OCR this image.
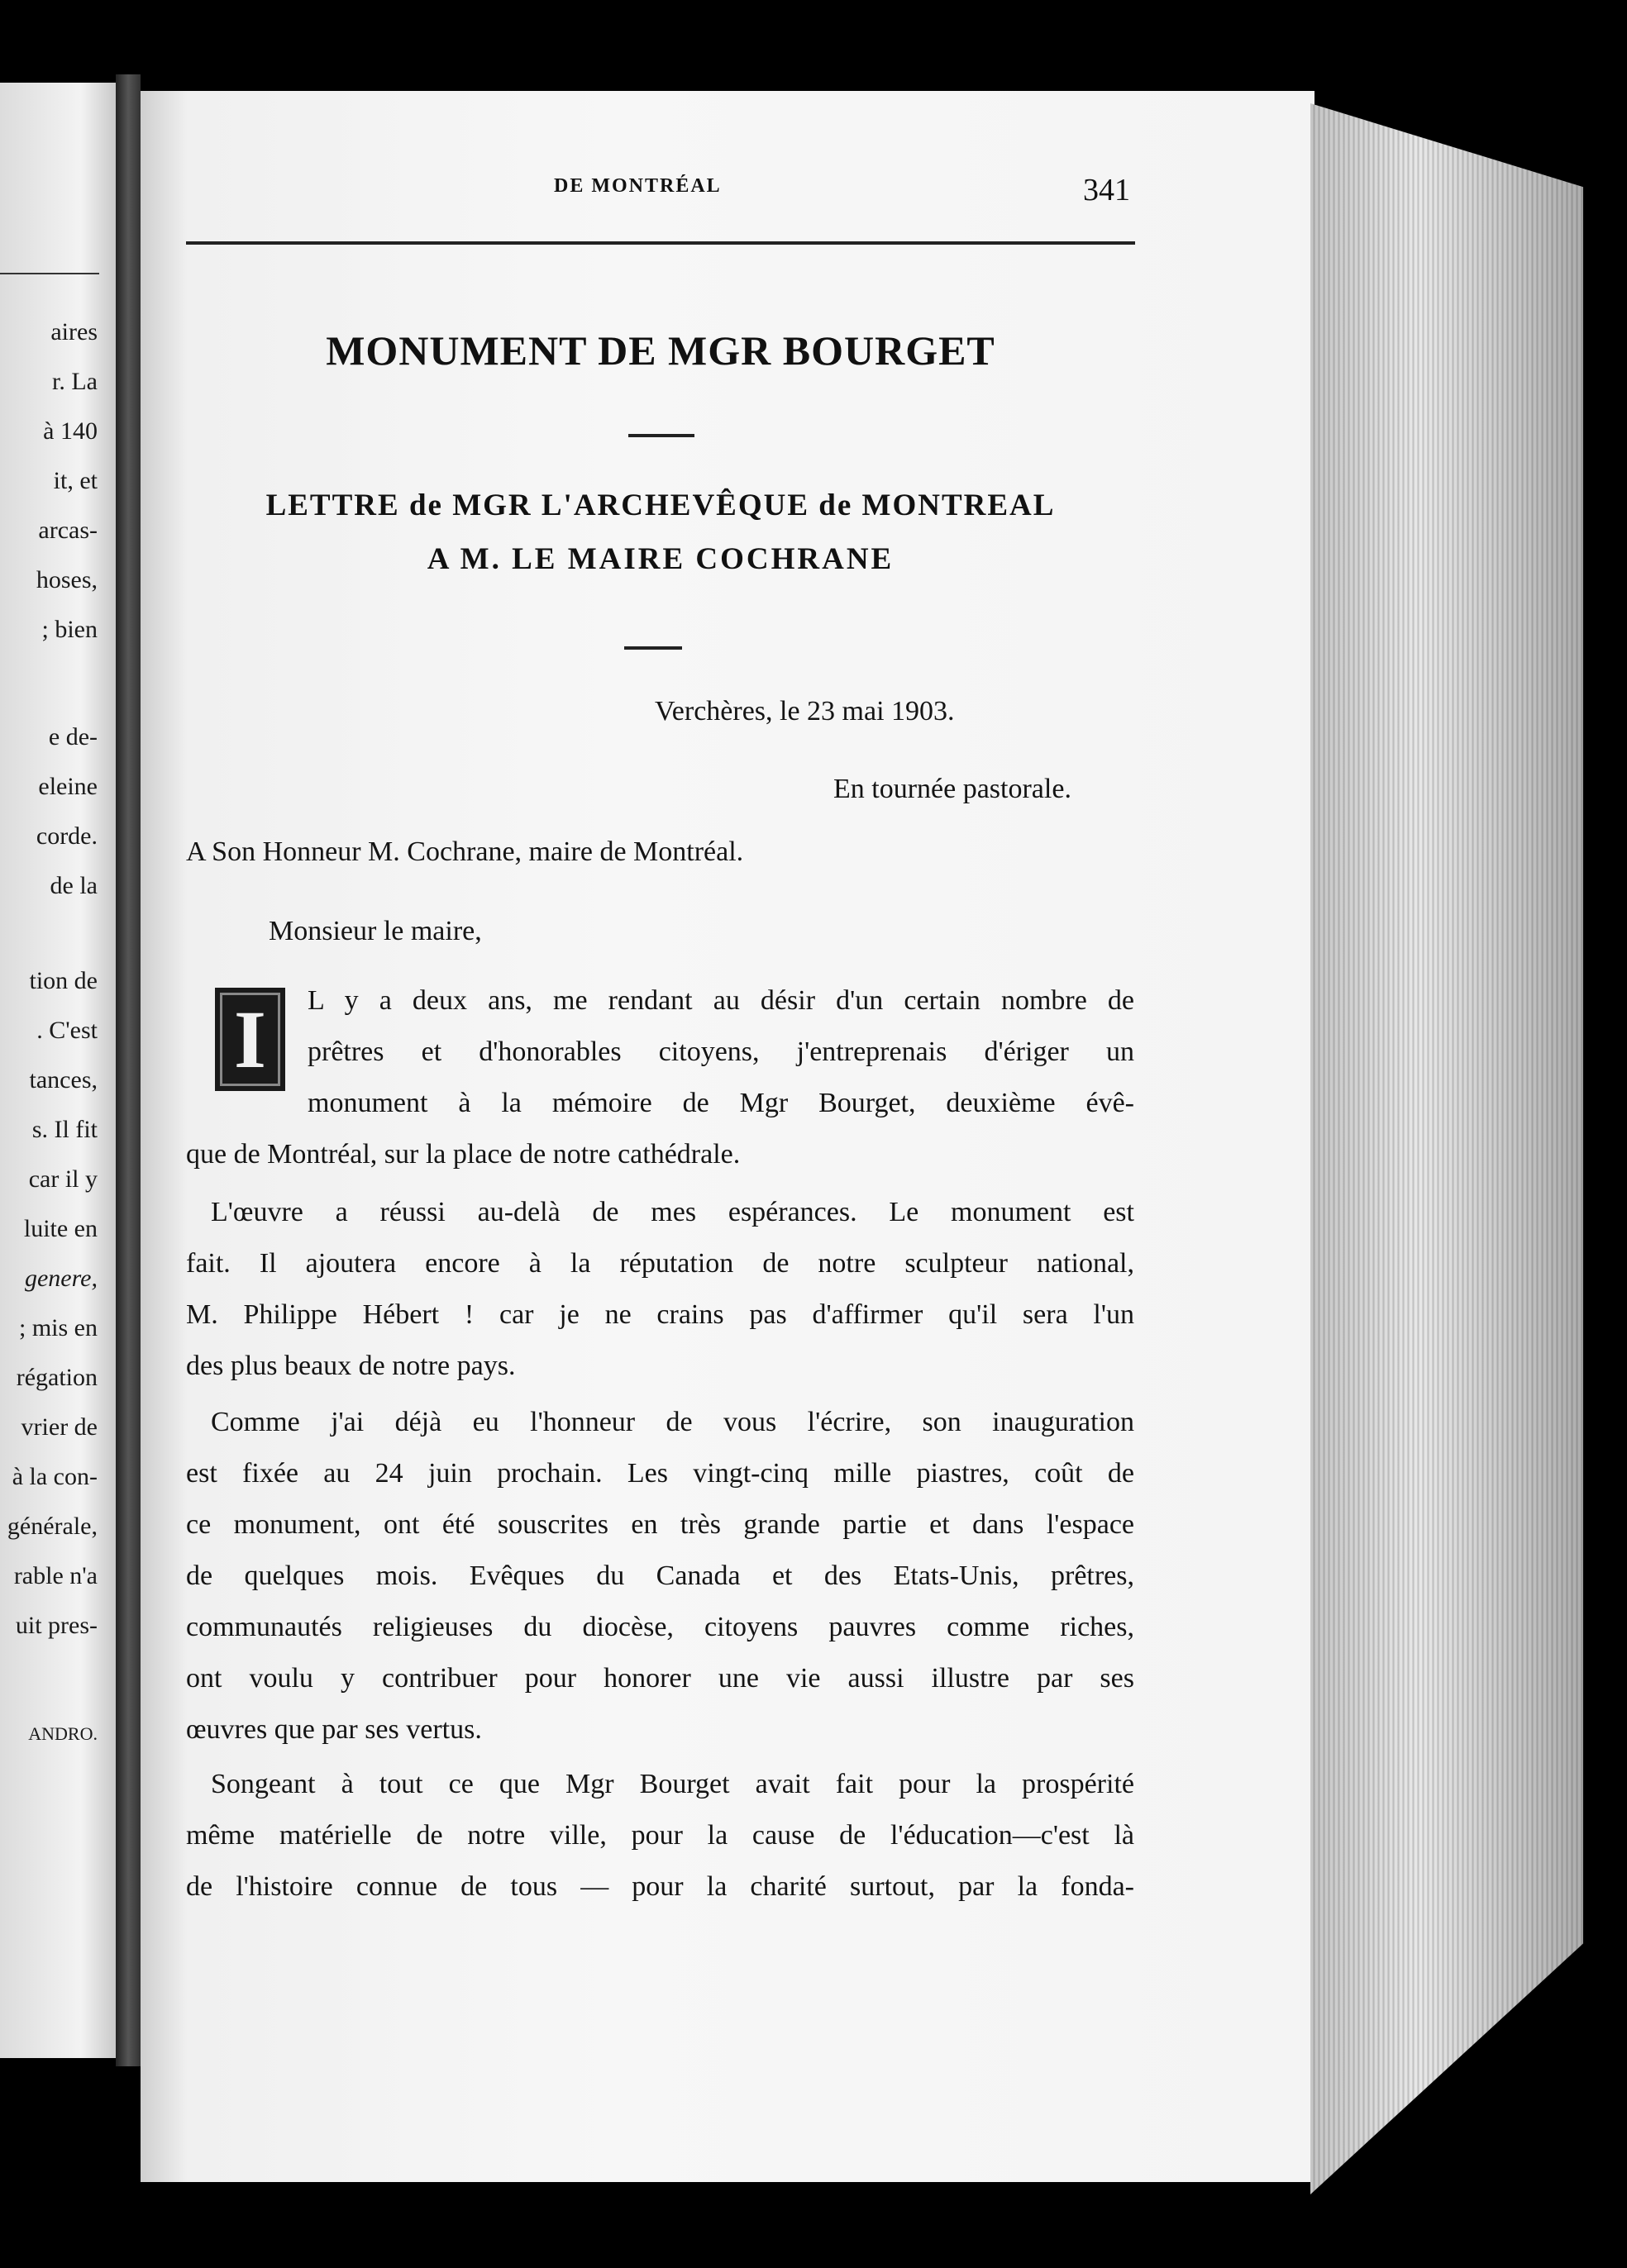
aires
r. La
à 140
it, et
arcas-
hoses,
; bien
e de-
eleine
corde.
de la
tion de
. C'est
tances,
s. Il fit
car il y
luite en
genere,
; mis en
régation
vrier de
à la con-
générale,
rable n'a
uit pres-
ANDRO.
DE MONTRÉAL	341
MONUMENT DE MGR BOURGET
LETTRE de MGR L'ARCHEVÊQUE de MONTREAL
A M. LE MAIRE COCHRANE
Verchères, le 23 mai 1903.
En tournée pastorale.
A Son Honneur M. Cochrane, maire de Montréal.
Monsieur le maire,
I	L y a deux ans, me rendant au désir d'un certain nombre de
prêtres et d'honorables citoyens, j'entreprenais d'ériger un
monument à la mémoire de Mgr Bourget, deuxième évê-
que de Montréal, sur la place de notre cathédrale.
L'œuvre a réussi au-delà de mes espérances. Le monument est
fait. Il ajoutera encore à la réputation de notre sculpteur national,
M. Philippe Hébert ! car je ne crains pas d'affirmer qu'il sera l'un
des plus beaux de notre pays.
Comme j'ai déjà eu l'honneur de vous l'écrire, son inauguration
est fixée au 24 juin prochain. Les vingt-cinq mille piastres, coût de
ce monument, ont été souscrites en très grande partie et dans l'espace
de quelques mois. Evêques du Canada et des Etats-Unis, prêtres,
communautés religieuses du diocèse, citoyens pauvres comme riches,
ont voulu y contribuer pour honorer une vie aussi illustre par ses
œuvres que par ses vertus.
Songeant à tout ce que Mgr Bourget avait fait pour la prospérité
même matérielle de notre ville, pour la cause de l'éducation—c'est là
de l'histoire connue de tous — pour la charité surtout, par la fonda-
